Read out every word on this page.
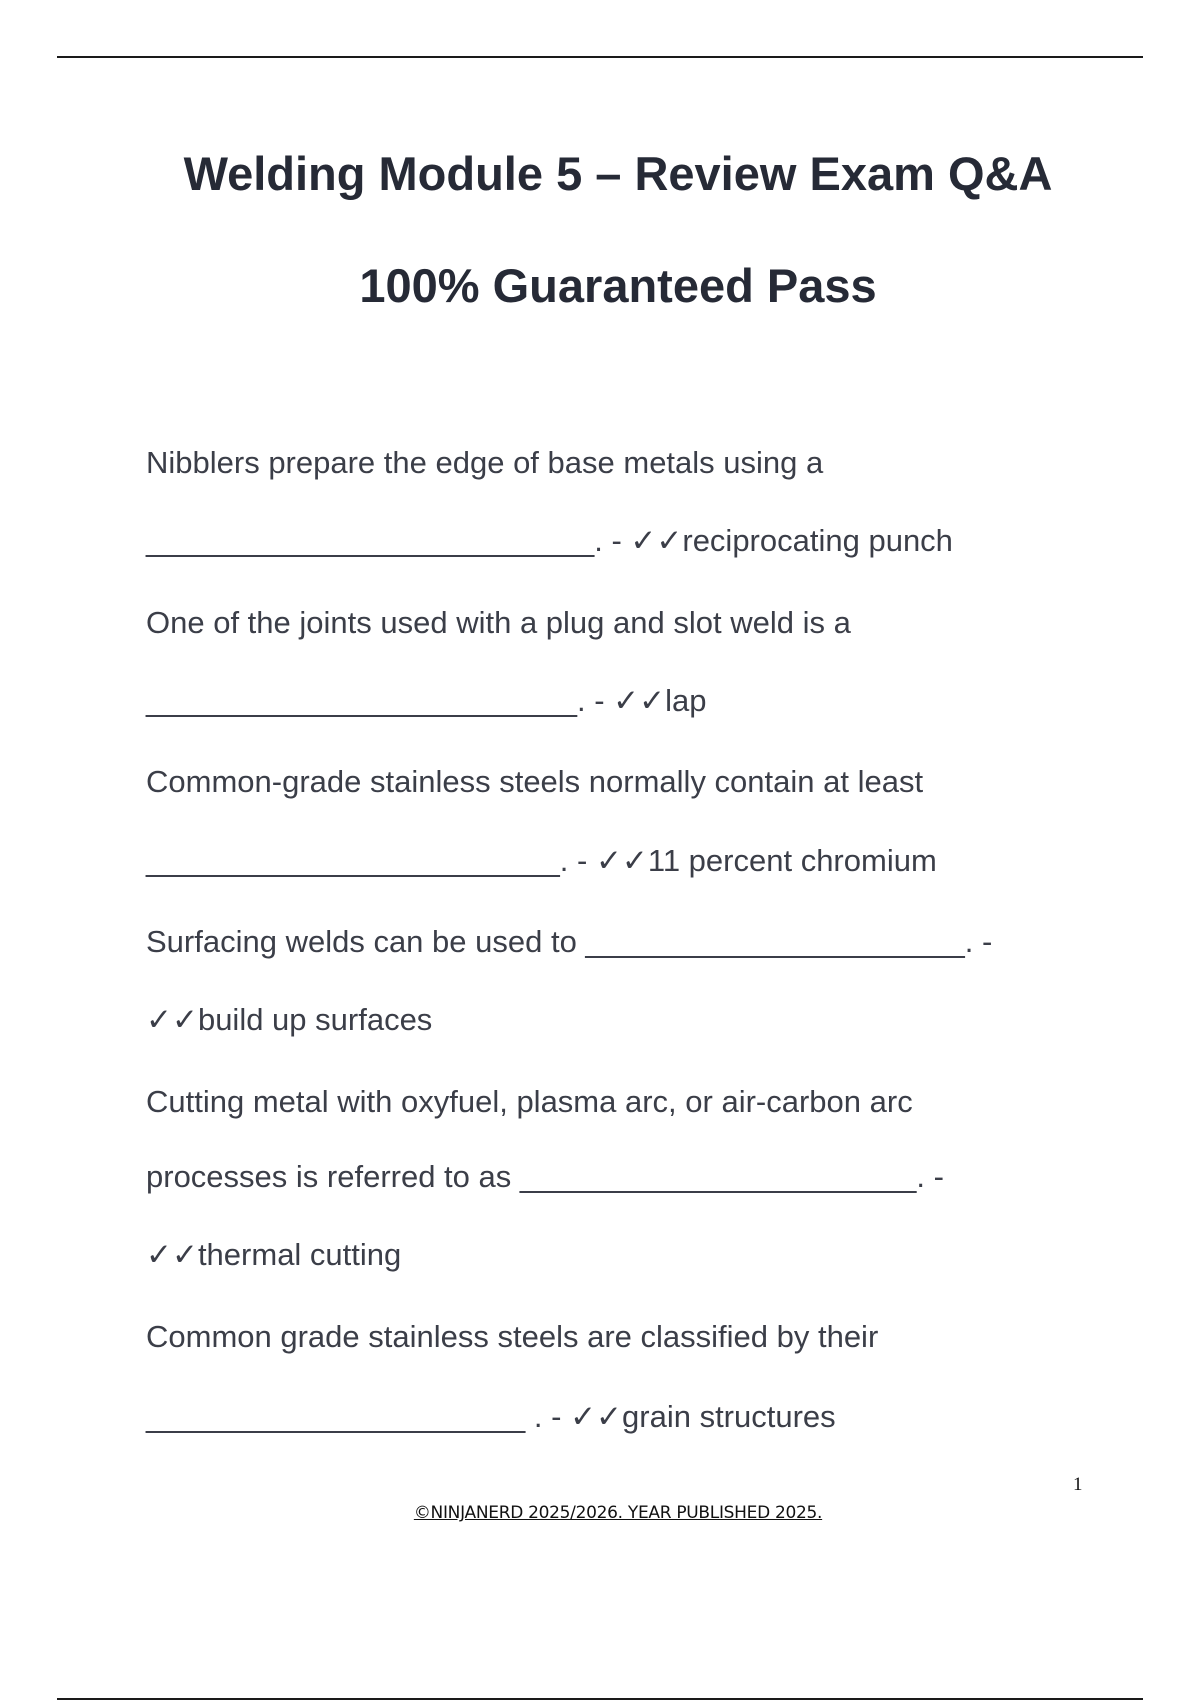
Welding Module 5 – Review Exam Q&A
100% Guaranteed Pass
Nibblers prepare the edge of base metals using a
__________________________. - ✓✓reciprocating punch
One of the joints used with a plug and slot weld is a
_________________________. - ✓✓lap
Common-grade stainless steels normally contain at least
________________________. - ✓✓11 percent chromium
Surfacing welds can be used to ______________________. -
✓✓build up surfaces
Cutting metal with oxyfuel, plasma arc, or air-carbon arc
processes is referred to as _______________________. -
✓✓thermal cutting
Common grade stainless steels are classified by their
______________________ . - ✓✓grain structures
1
©NINJANERD 2025/2026. YEAR PUBLISHED 2025.
